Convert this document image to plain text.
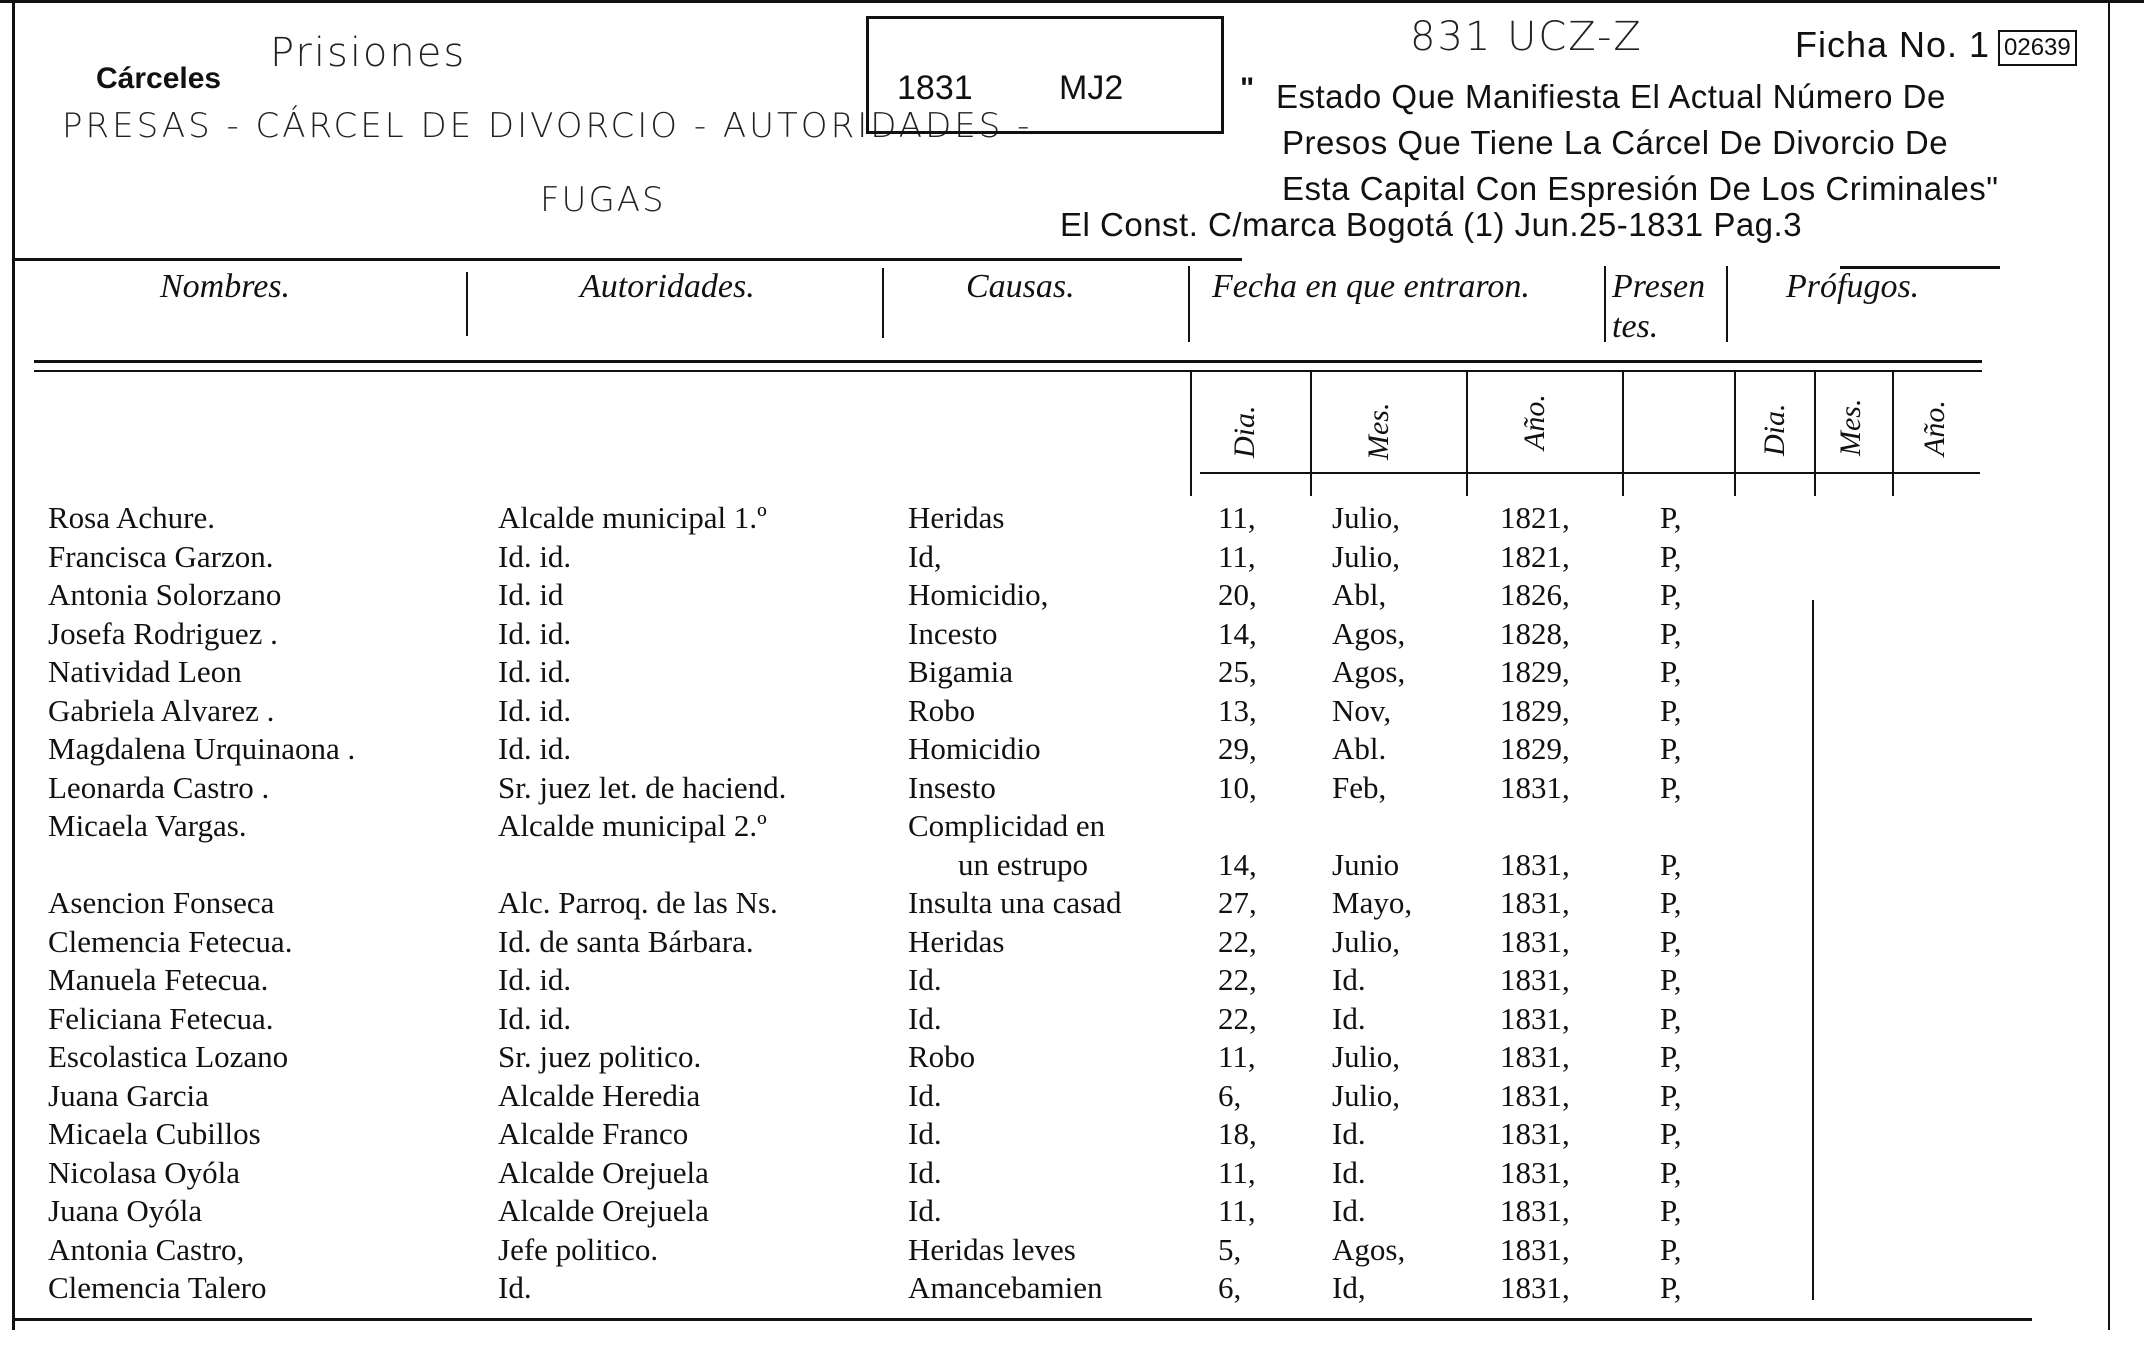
Prisiones
Cárceles
PRESAS - CÁRCEL DE DIVORCIO - AUTORIDADES -
FUGAS
1831	MJ2
831 UCZ-Z	Ficha No. 1 02639
" Estado Que Manifiesta El Actual Número De
Presos Que Tiene La Cárcel De Divorcio De
Esta Capital Con Espresión De Los Criminales"
El Const. C/marca Bogotá (1) Jun.25-1831 Pag.3
Nombres.	Autoridades.	Causas.	Fecha en que entraron. Presen
tes.
Prófugos.
Dia.	Mes.	Año.	Dia. Mes. Año.
Rosa Achure.	Alcalde municipal 1.º	Heridas	11, Julio,	1821,	P,
Francisca Garzon.	Id. id.	Id,	11, Julio,	1821,	P,
Antonia Solorzano	Id. id	Homicidio,	20, Abl,	1826,	P,
Josefa Rodriguez .	Id. id.	Incesto	14, Agos,	1828,	P,
Natividad Leon	Id. id.	Bigamia	25, Agos,	1829,	P,
Gabriela Alvarez .	Id. id.	Robo	13, Nov,	1829,	P,
Magdalena Urquinaona .	Id. id.	Homicidio	29, Abl.	1829,	P,
Leonarda Castro .	Sr. juez let. de haciend.	Insesto	10, Feb,	1831,	P,
Micaela Vargas.	Alcalde municipal 2.º	Complicidad en
un estrupo	14, Junio	1831,	P,
Asencion Fonseca	Alc. Parroq. de las Ns.	Insulta una casad	27, Mayo,	1831,	P,
Clemencia Fetecua.	Id. de santa Bárbara.	Heridas	22, Julio,	1831,	P,
Manuela Fetecua.	Id. id.	Id.	22, Id.	1831,	P,
Feliciana Fetecua.	Id. id.	Id.	22, Id.	1831,	P,
Escolastica Lozano	Sr. juez politico.	Robo	11, Julio,	1831,	P,
Juana Garcia	Alcalde Heredia	Id.	6,	Julio,	1831,	P,
Micaela Cubillos	Alcalde Franco	Id.	18, Id.	1831,	P,
Nicolasa Oyóla	Alcalde Orejuela	Id.	11, Id.	1831,	P,
Juana Oyóla	Alcalde Orejuela	Id.	11, Id.	1831,	P,
Antonia Castro,	Jefe politico.	Heridas leves	5,	Agos,	1831,	P,
Clemencia Talero	Id.	Amancebamien	6,	Id,	1831,	P,
